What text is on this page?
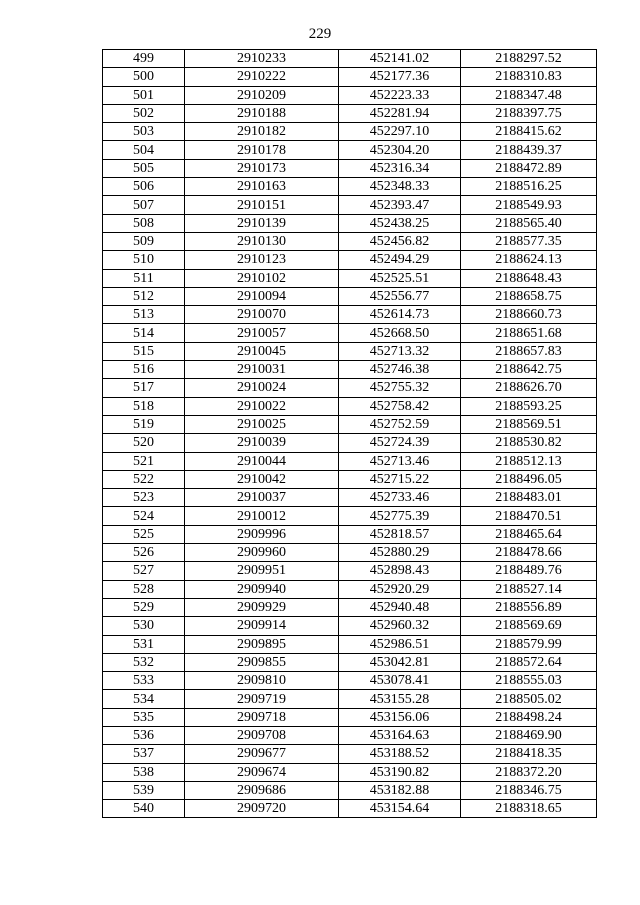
229
499	2910233	452141.02	2188297.52
500	2910222	452177.36	2188310.83
501	2910209	452223.33	2188347.48
502	2910188	452281.94	2188397.75
503	2910182	452297.10	2188415.62
504	2910178	452304.20	2188439.37
505	2910173	452316.34	2188472.89
506	2910163	452348.33	2188516.25
507	2910151	452393.47	2188549.93
508	2910139	452438.25	2188565.40
509	2910130	452456.82	2188577.35
510	2910123	452494.29	2188624.13
511	2910102	452525.51	2188648.43
512	2910094	452556.77	2188658.75
513	2910070	452614.73	2188660.73
514	2910057	452668.50	2188651.68
515	2910045	452713.32	2188657.83
516	2910031	452746.38	2188642.75
517	2910024	452755.32	2188626.70
518	2910022	452758.42	2188593.25
519	2910025	452752.59	2188569.51
520	2910039	452724.39	2188530.82
521	2910044	452713.46	2188512.13
522	2910042	452715.22	2188496.05
523	2910037	452733.46	2188483.01
524	2910012	452775.39	2188470.51
525	2909996	452818.57	2188465.64
526	2909960	452880.29	2188478.66
527	2909951	452898.43	2188489.76
528	2909940	452920.29	2188527.14
529	2909929	452940.48	2188556.89
530	2909914	452960.32	2188569.69
531	2909895	452986.51	2188579.99
532	2909855	453042.81	2188572.64
533	2909810	453078.41	2188555.03
534	2909719	453155.28	2188505.02
535	2909718	453156.06	2188498.24
536	2909708	453164.63	2188469.90
537	2909677	453188.52	2188418.35
538	2909674	453190.82	2188372.20
539	2909686	453182.88	2188346.75
540	2909720	453154.64	2188318.65
